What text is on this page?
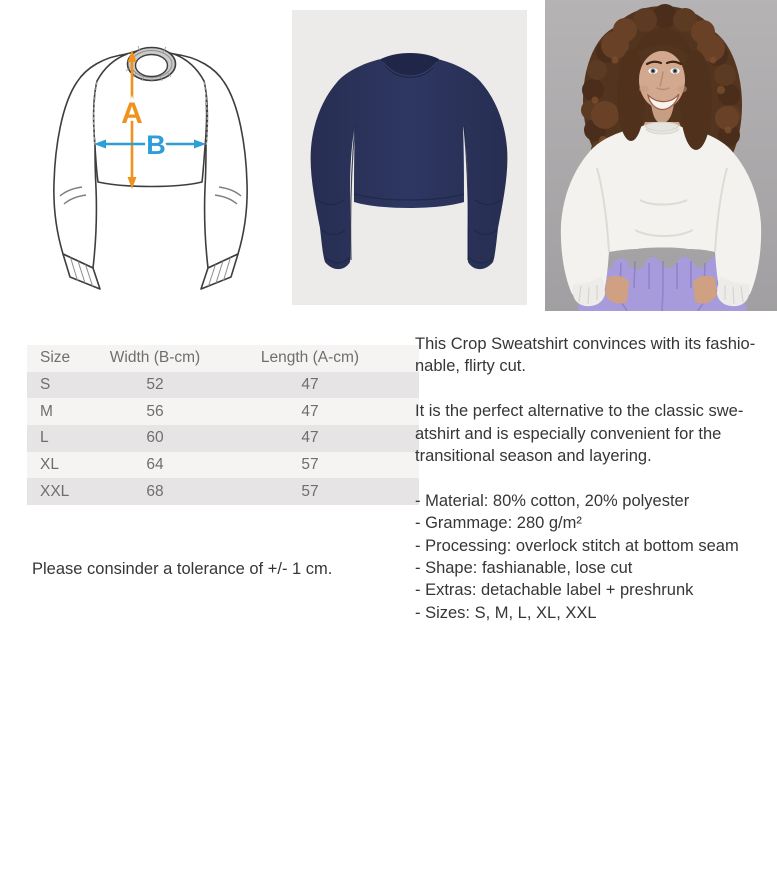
A
B
Size	Width (B-cm)	Length (A-cm)
S	52	47
M	56	47
L	60	47
XL	64	57
XXL	68	57
Please consinder a tolerance of +/- 1 cm.
This Crop Sweatshirt convinces with its fashio-
nable, flirty cut.
It is the perfect alternative to the classic swe-
atshirt and is especially convenient for the
transitional season and layering.
- Material: 80% cotton, 20% polyester
- Grammage: 280 g/m²
- Processing: overlock stitch at bottom seam
- Shape: fashianable, lose cut
- Extras: detachable label + preshrunk
- Sizes: S, M, L, XL, XXL
